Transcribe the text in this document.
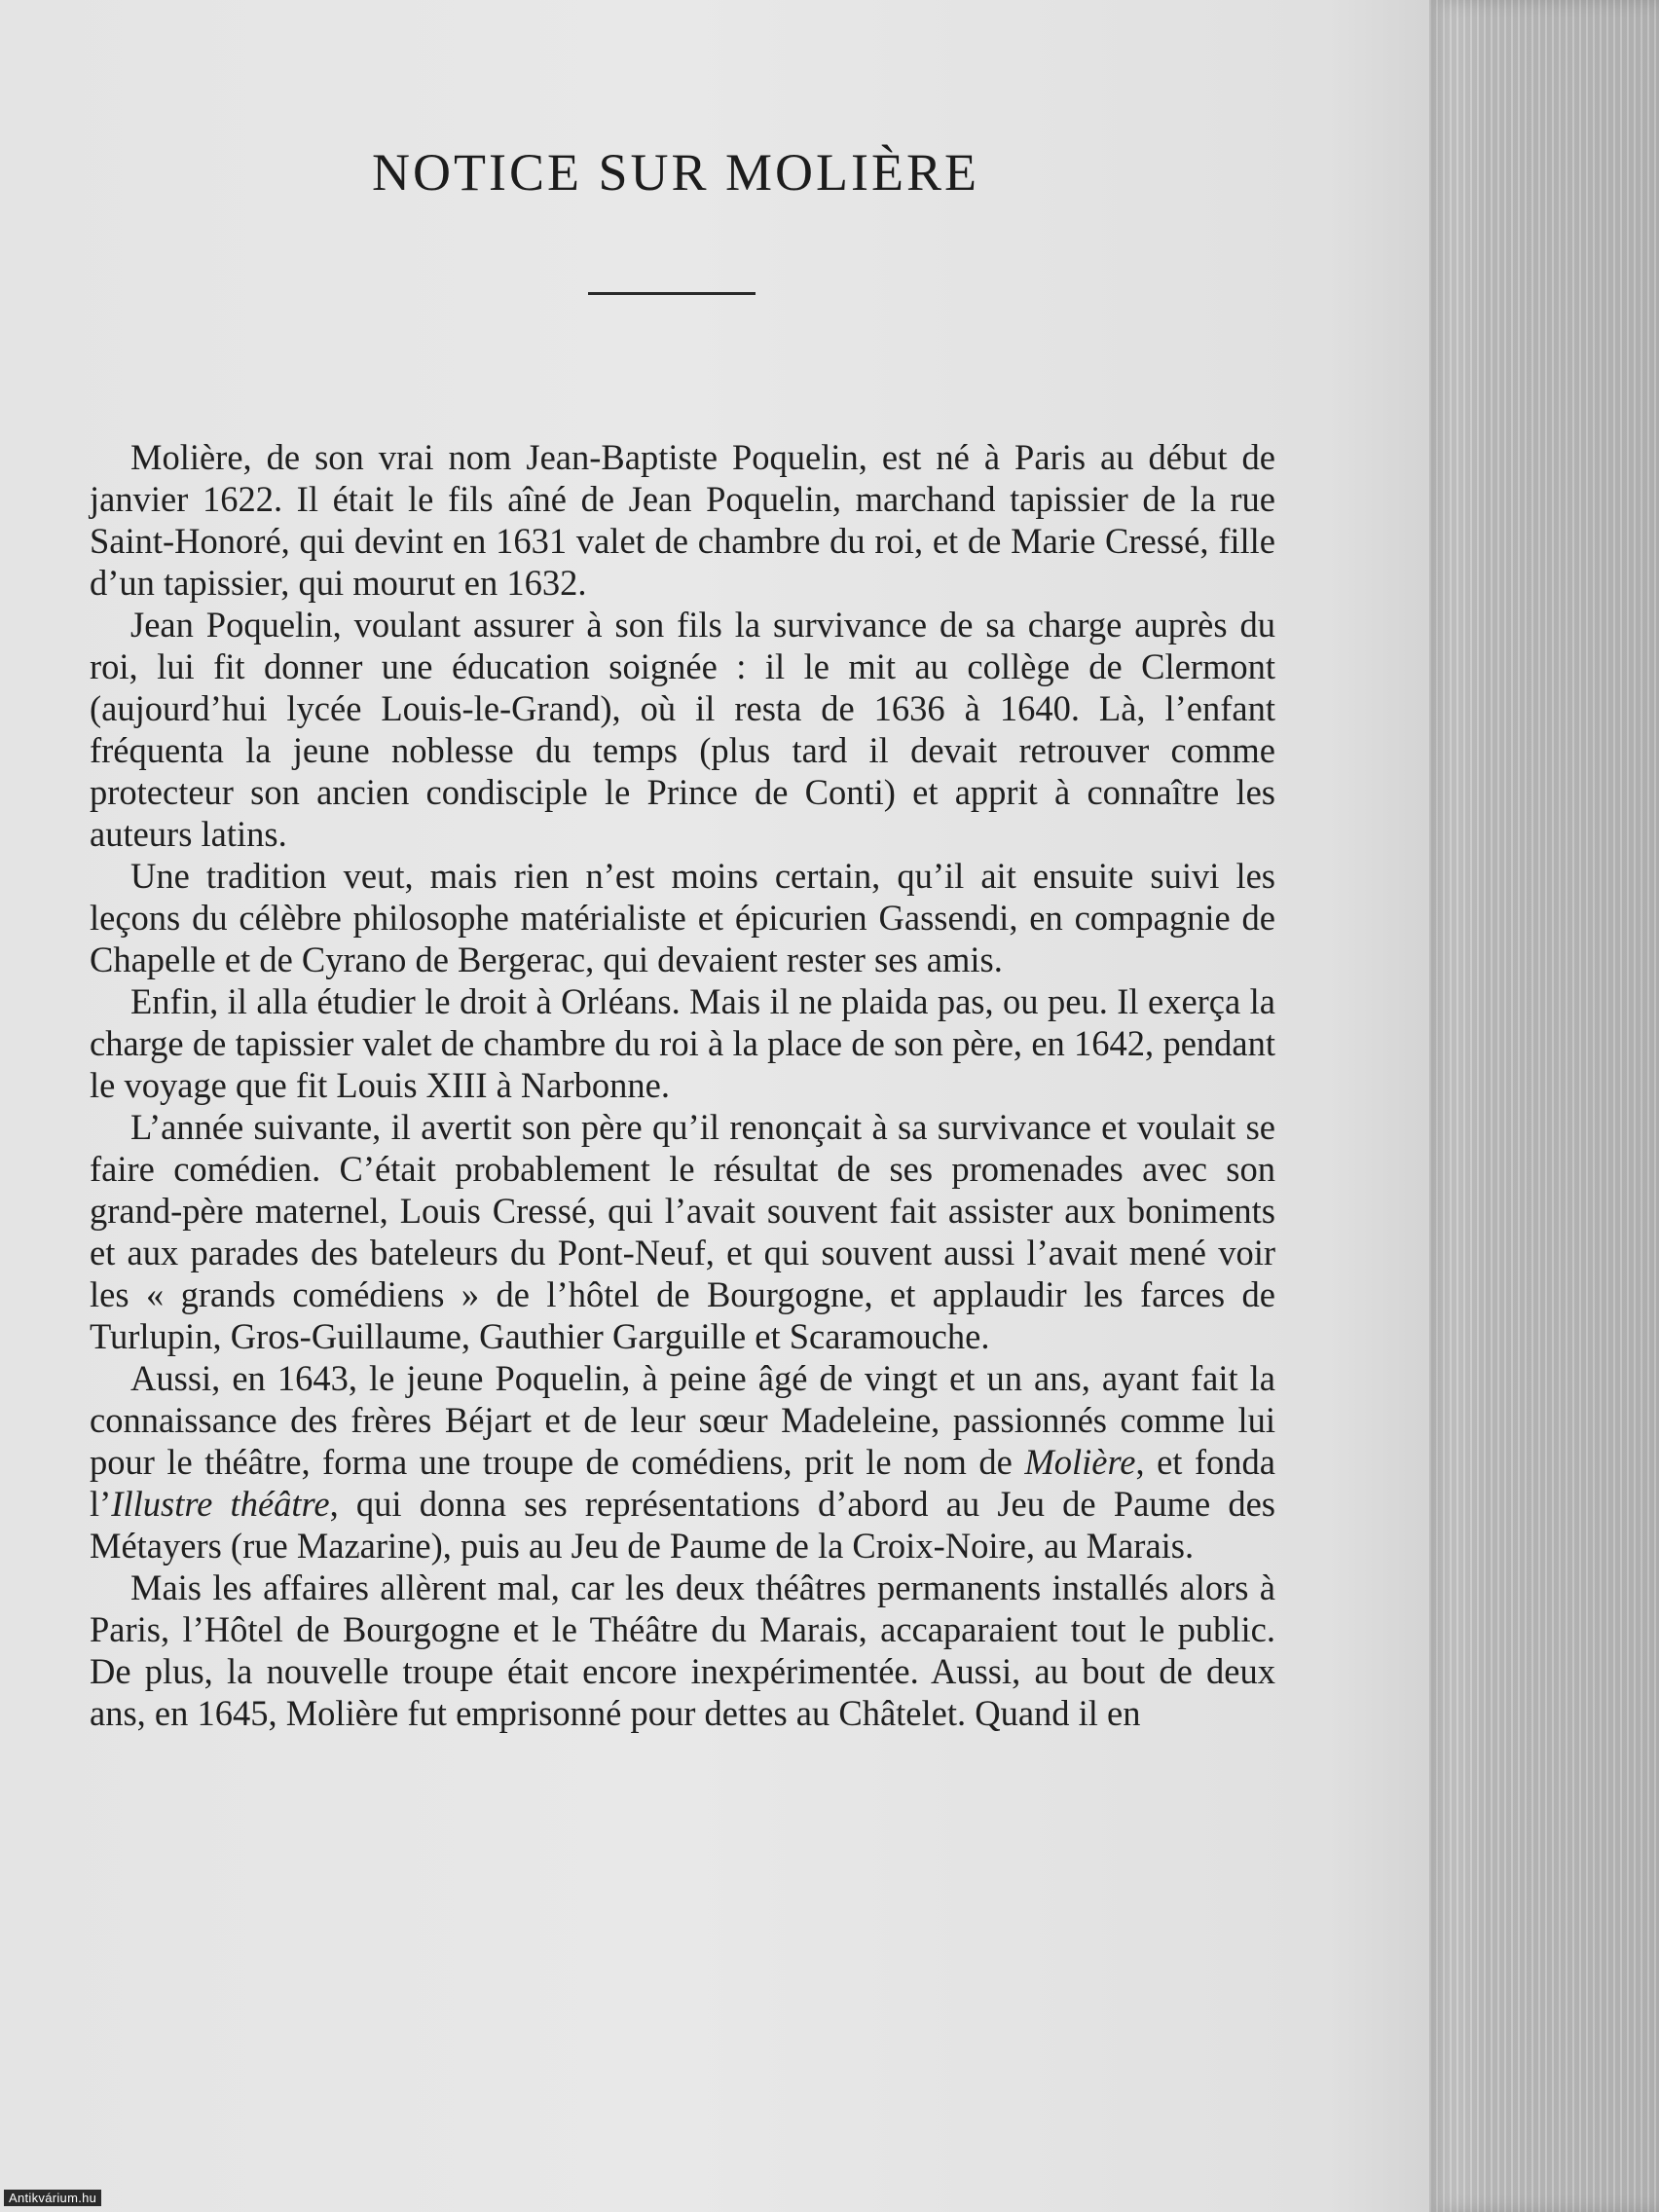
NOTICE SUR MOLIÈRE

Molière, de son vrai nom Jean-Baptiste Poquelin, est né à Paris au début de janvier 1622. Il était le fils aîné de Jean Poquelin, marchand tapissier de la rue Saint-Honoré, qui devint en 1631 valet de chambre du roi, et de Marie Cressé, fille d’un tapissier, qui mourut en 1632.

Jean Poquelin, voulant assurer à son fils la survivance de sa charge auprès du roi, lui fit donner une éducation soignée : il le mit au collège de Clermont (aujourd’hui lycée Louis-le-Grand), où il resta de 1636 à 1640. Là, l’enfant fréquenta la jeune noblesse du temps (plus tard il devait retrouver comme protecteur son ancien condisciple le Prince de Conti) et apprit à connaître les auteurs latins.

Une tradition veut, mais rien n’est moins certain, qu’il ait ensuite suivi les leçons du célèbre philosophe matérialiste et épicurien Gassendi, en compagnie de Chapelle et de Cyrano de Bergerac, qui devaient rester ses amis.

Enfin, il alla étudier le droit à Orléans. Mais il ne plaida pas, ou peu. Il exerça la charge de tapissier valet de chambre du roi à la place de son père, en 1642, pendant le voyage que fit Louis XIII à Narbonne.

L’année suivante, il avertit son père qu’il renonçait à sa survivance et voulait se faire comédien. C’était probablement le résultat de ses promenades avec son grand-père maternel, Louis Cressé, qui l’avait souvent fait assister aux boniments et aux parades des bateleurs du Pont-Neuf, et qui souvent aussi l’avait mené voir les « grands comédiens » de l’hôtel de Bourgogne, et applaudir les farces de Turlupin, Gros-Guillaume, Gauthier Garguille et Scaramouche.

Aussi, en 1643, le jeune Poquelin, à peine âgé de vingt et un ans, ayant fait la connaissance des frères Béjart et de leur sœur Madeleine, passionnés comme lui pour le théâtre, forma une troupe de comédiens, prit le nom de Molière, et fonda l’Illustre théâtre, qui donna ses représentations d’abord au Jeu de Paume des Métayers (rue Mazarine), puis au Jeu de Paume de la Croix-Noire, au Marais.

Mais les affaires allèrent mal, car les deux théâtres permanents installés alors à Paris, l’Hôtel de Bourgogne et le Théâtre du Marais, accaparaient tout le public. De plus, la nouvelle troupe était encore inexpérimentée. Aussi, au bout de deux ans, en 1645, Molière fut emprisonné pour dettes au Châtelet. Quand il en

Antikvárium.hu
